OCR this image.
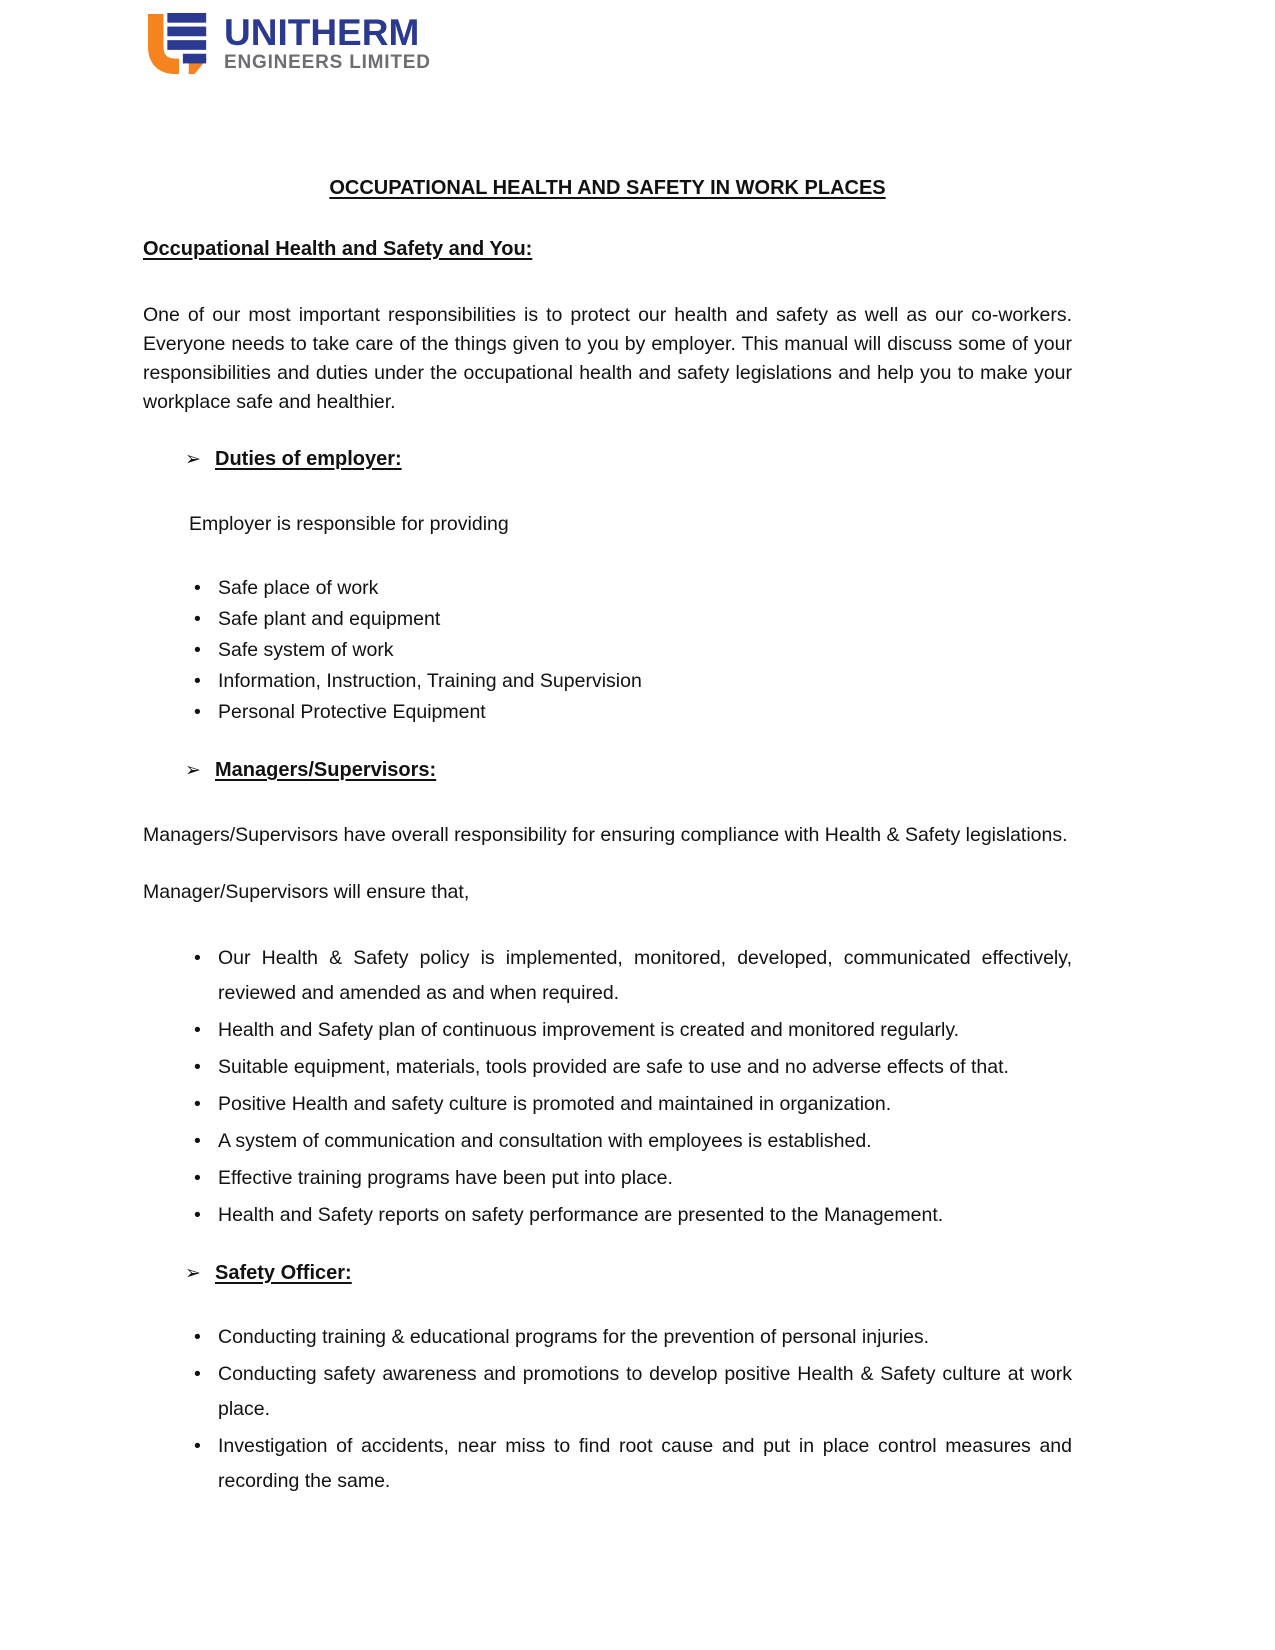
UNITHERM
ENGINEERS LIMITED
OCCUPATIONAL HEALTH AND SAFETY IN WORK PLACES
Occupational Health and Safety and You:

One of our most important responsibilities is to protect our health and safety as well as our co-workers. Everyone needs to take care of the things given to you by employer. This manual will discuss some of your responsibilities and duties under the occupational health and safety legislations and help you to make your workplace safe and healthier.

➢ Duties of employer:

Employer is responsible for providing

• Safe place of work
• Safe plant and equipment
• Safe system of work
• Information, Instruction, Training and Supervision
• Personal Protective Equipment
➢ Managers/Supervisors:

Managers/Supervisors have overall responsibility for ensuring compliance with Health & Safety legislations.

Manager/Supervisors will ensure that,

• Our Health & Safety policy is implemented, monitored, developed, communicated effectively, reviewed and amended as and when required.
• Health and Safety plan of continuous improvement is created and monitored regularly.
• Suitable equipment, materials, tools provided are safe to use and no adverse effects of that.
• Positive Health and safety culture is promoted and maintained in organization.
• A system of communication and consultation with employees is established.
• Effective training programs have been put into place.
• Health and Safety reports on safety performance are presented to the Management.
➢ Safety Officer:
• Conducting training & educational programs for the prevention of personal injuries.
• Conducting safety awareness and promotions to develop positive Health & Safety culture at work place.
• Investigation of accidents, near miss to find root cause and put in place control measures and recording the same.
